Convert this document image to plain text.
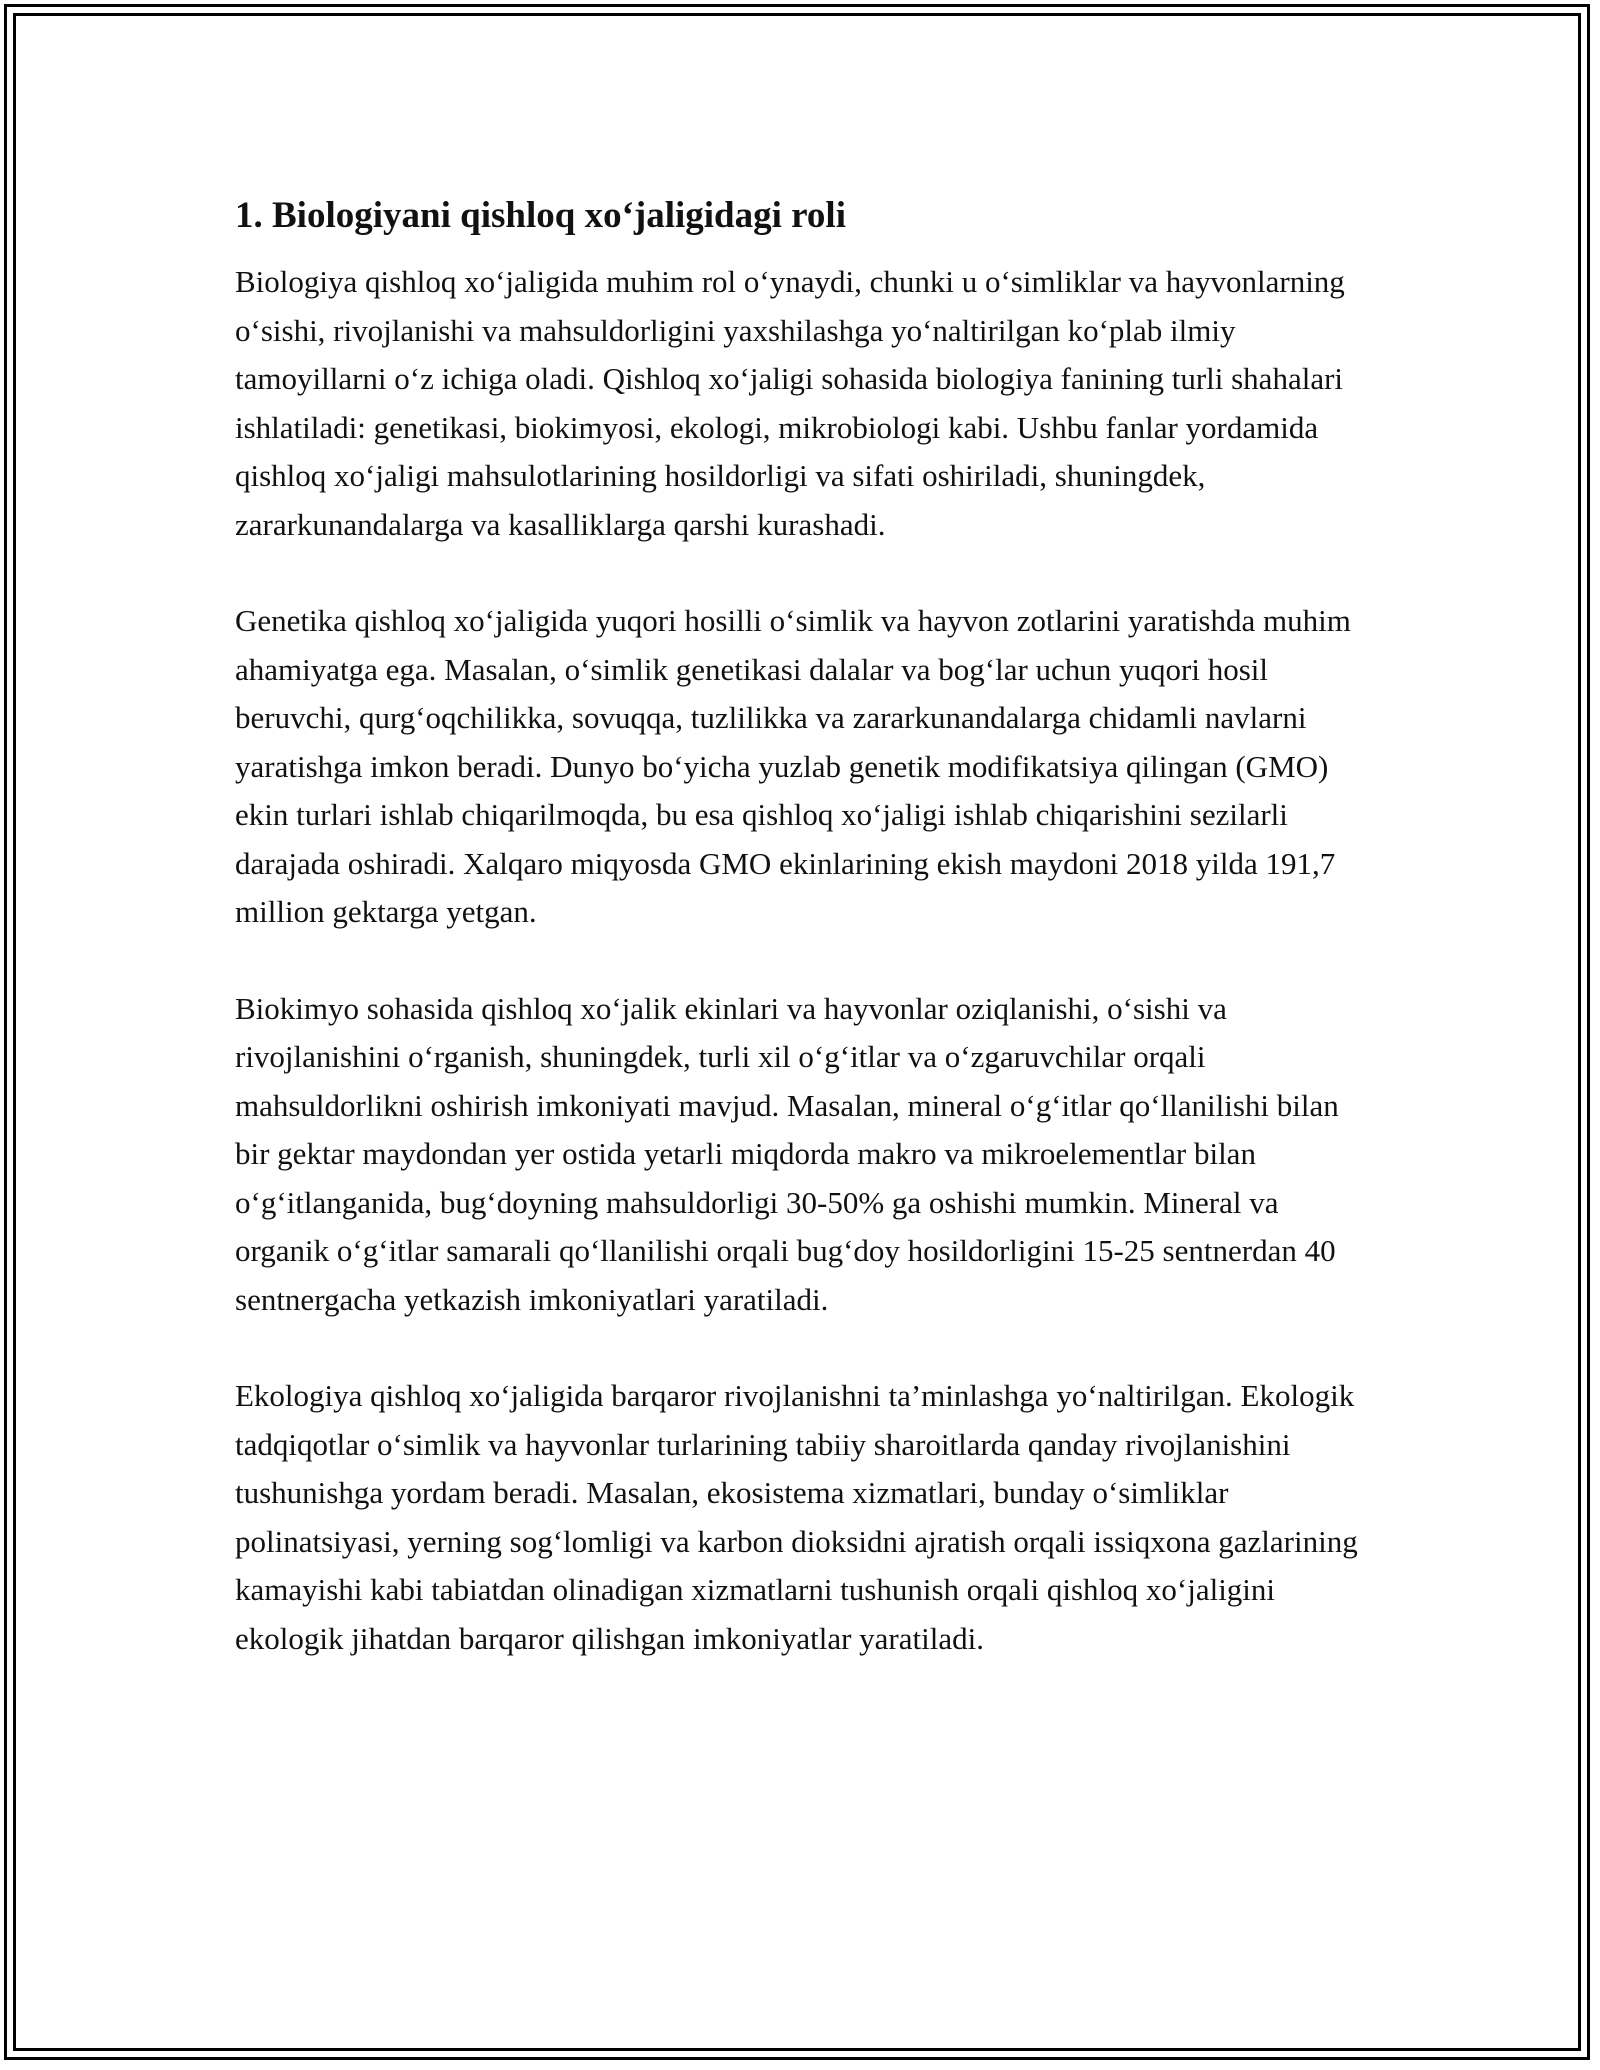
1. Biologiyani qishloq xo‘jaligidagi roli

Biologiya qishloq xo‘jaligida muhim rol o‘ynaydi, chunki u o‘simliklar va hayvonlarning o‘sishi, rivojlanishi va mahsuldorligini yaxshilashga yo‘naltirilgan ko‘plab ilmiy tamoyillarni o‘z ichiga oladi. Qishloq xo‘jaligi sohasida biologiya fanining turli shahalari ishlatiladi: genetikasi, biokimyosi, ekologi, mikrobiologi kabi. Ushbu fanlar yordamida qishloq xo‘jaligi mahsulotlarining hosildorligi va sifati oshiriladi, shuningdek, zararkunandalarga va kasalliklarga qarshi kurashadi.

Genetika qishloq xo‘jaligida yuqori hosilli o‘simlik va hayvon zotlarini yaratishda muhim ahamiyatga ega. Masalan, o‘simlik genetikasi dalalar va bog‘lar uchun yuqori hosil beruvchi, qurg‘oqchilikka, sovuqqa, tuzlilikka va zararkunandalarga chidamli navlarni yaratishga imkon beradi. Dunyo bo‘yicha yuzlab genetik modifikatsiya qilingan (GMO) ekin turlari ishlab chiqarilmoqda, bu esa qishloq xo‘jaligi ishlab chiqarishini sezilarli darajada oshiradi. Xalqaro miqyosda GMO ekinlarining ekish maydoni 2018 yilda 191,7 million gektarga yetgan.

Biokimyo sohasida qishloq xo‘jalik ekinlari va hayvonlar oziqlanishi, o‘sishi va rivojlanishini o‘rganish, shuningdek, turli xil o‘g‘itlar va o‘zgaruvchilar orqali mahsuldorlikni oshirish imkoniyati mavjud. Masalan, mineral o‘g‘itlar qo‘llanilishi bilan bir gektar maydondan yer ostida yetarli miqdorda makro va mikroelementlar bilan o‘g‘itlanganida, bug‘doyning mahsuldorligi 30-50% ga oshishi mumkin. Mineral va organik o‘g‘itlar samarali qo‘llanilishi orqali bug‘doy hosildorligini 15-25 sentnerdan 40 sentnergacha yetkazish imkoniyatlari yaratiladi.

Ekologiya qishloq xo‘jaligida barqaror rivojlanishni ta’minlashga yo‘naltirilgan. Ekologik tadqiqotlar o‘simlik va hayvonlar turlarining tabiiy sharoitlarda qanday rivojlanishini tushunishga yordam beradi. Masalan, ekosistema xizmatlari, bunday o‘simliklar polinatsiyasi, yerning sog‘lomligi va karbon dioksidni ajratish orqali issiqxona gazlarining kamayishi kabi tabiatdan olinadigan xizmatlarni tushunish orqali qishloq xo‘jaligini ekologik jihatdan barqaror qilishgan imkoniyatlar yaratiladi.
